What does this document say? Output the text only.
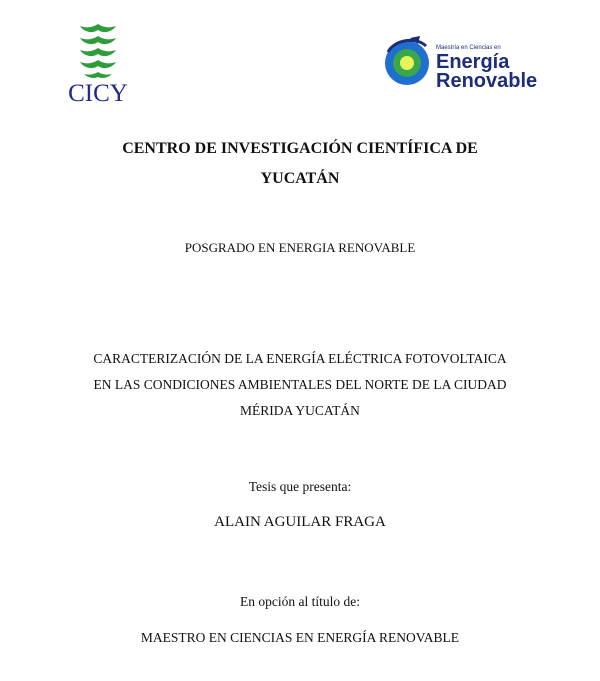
CICY
Maestría en Ciencias en
Energía
Renovable
CENTRO DE INVESTIGACIÓN CIENTÍFICA DE
YUCATÁN
POSGRADO EN ENERGIA RENOVABLE
CARACTERIZACIÓN DE LA ENERGÍA ELÉCTRICA FOTOVOLTAICA
EN LAS CONDICIONES AMBIENTALES DEL NORTE DE LA CIUDAD
MÉRIDA YUCATÁN
Tesis que presenta:
ALAIN AGUILAR FRAGA
En opción al título de:
MAESTRO EN CIENCIAS EN ENERGÍA RENOVABLE
